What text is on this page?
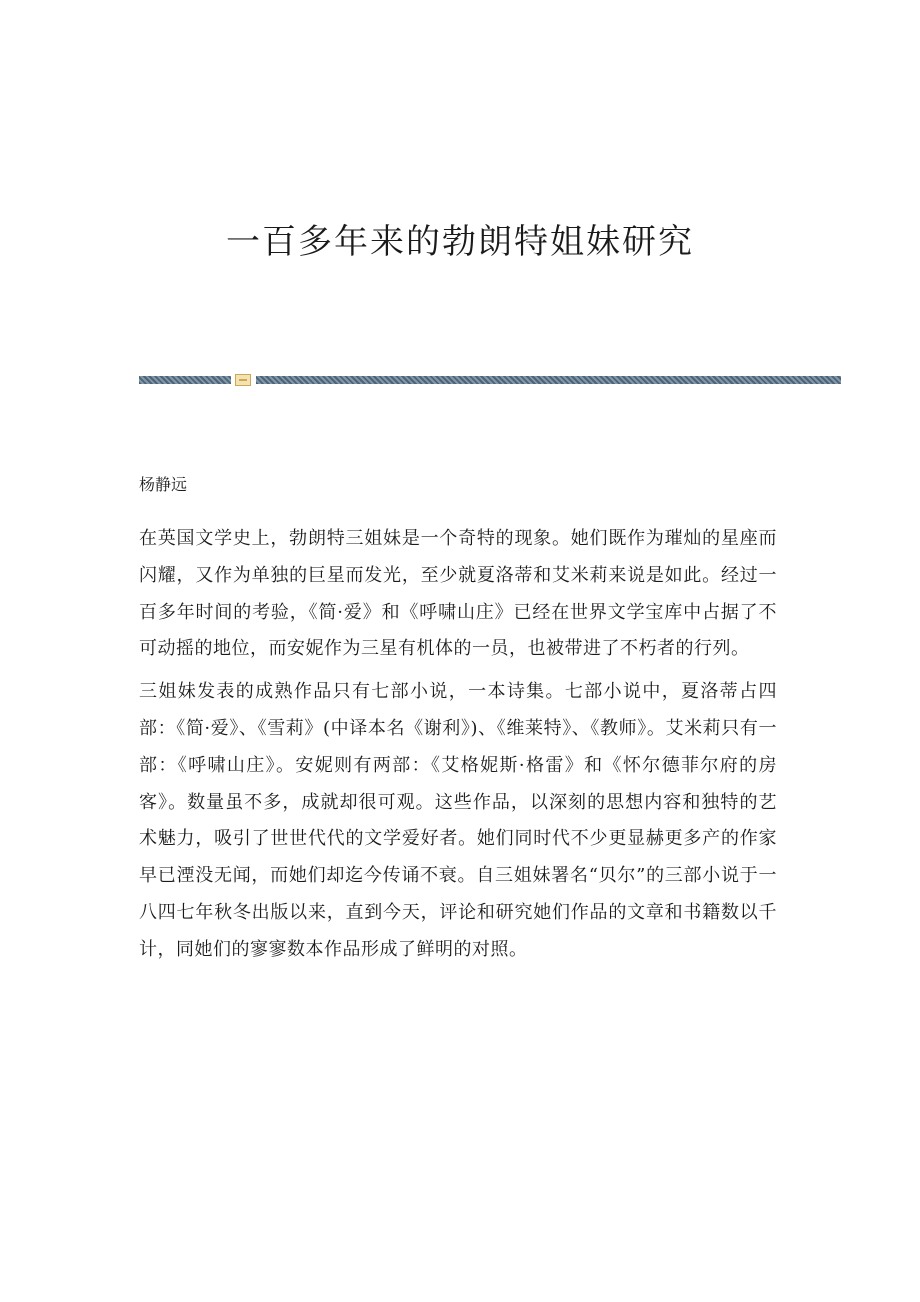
一百多年来的勃朗特姐妹研究

杨静远

在英国文学史上，勃朗特三姐妹是一个奇特的现象。她们既作为璀灿的星座而闪耀，又作为单独的巨星而发光，至少就夏洛蒂和艾米莉来说是如此。经过一百多年时间的考验，《简·爱》和《呼啸山庄》已经在世界文学宝库中占据了不可动摇的地位，而安妮作为三星有机体的一员，也被带进了不朽者的行列。

三姐妹发表的成熟作品只有七部小说，一本诗集。七部小说中，夏洛蒂占四部：《简·爱》、《雪莉》(中译本名《谢利》)、《维莱特》、《教师》。艾米莉只有一部：《呼啸山庄》。安妮则有两部：《艾格妮斯·格雷》和《怀尔德菲尔府的房客》。数量虽不多，成就却很可观。这些作品，以深刻的思想内容和独特的艺术魅力，吸引了世世代代的文学爱好者。她们同时代不少更显赫更多产的作家早已湮没无闻，而她们却迄今传诵不衰。自三姐妹署名“贝尔”的三部小说于一八四七年秋冬出版以来，直到今天，评论和研究她们作品的文章和书籍数以千计，同她们的寥寥数本作品形成了鲜明的对照。
